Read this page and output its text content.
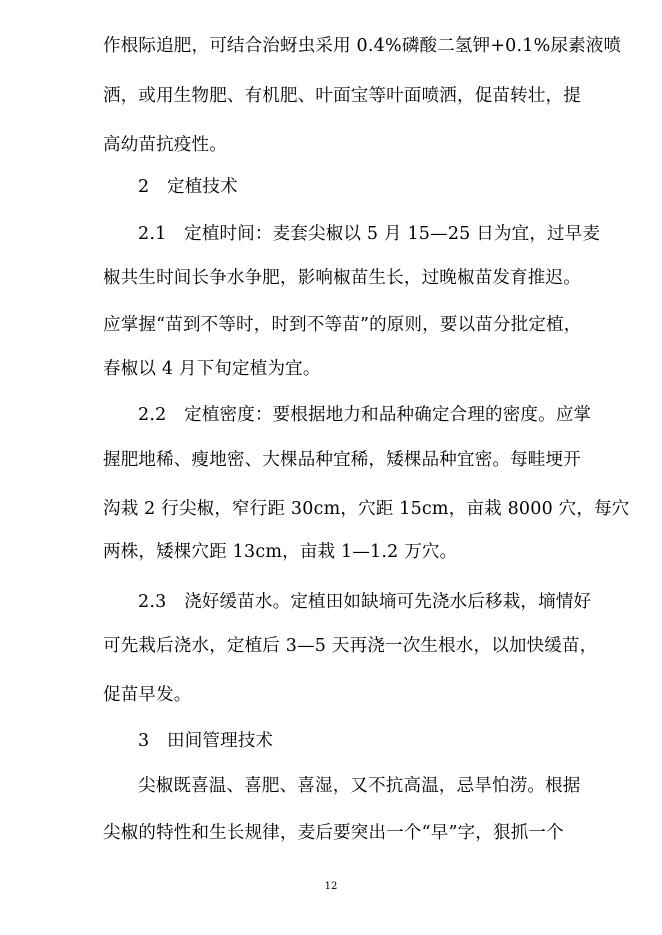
作根际追肥，可结合治蚜虫采用 0.4%磷酸二氢钾+0.1%尿素液喷
洒，或用生物肥、有机肥、叶面宝等叶面喷洒，促苗转壮，提
高幼苗抗疫性。
2　定植技术
2.1　定植时间：麦套尖椒以 5 月 15—25 日为宜，过早麦
椒共生时间长争水争肥，影响椒苗生长，过晚椒苗发育推迟。
应掌握“苗到不等时，时到不等苗”的原则，要以苗分批定植，
春椒以 4 月下旬定植为宜。
2.2　定植密度：要根据地力和品种确定合理的密度。应掌
握肥地稀、瘦地密、大棵品种宜稀，矮棵品种宜密。每畦埂开
沟栽 2 行尖椒，窄行距 30cm，穴距 15cm，亩栽 8000 穴，每穴
两株，矮棵穴距 13cm，亩栽 1—1.2 万穴。
2.3　浇好缓苗水。定植田如缺墒可先浇水后移栽，墒情好
可先栽后浇水，定植后 3—5 天再浇一次生根水，以加快缓苗，
促苗早发。
3　田间管理技术
尖椒既喜温、喜肥、喜湿，又不抗高温，忌旱怕涝。根据
尖椒的特性和生长规律，麦后要突出一个“早”字，狠抓一个
12
